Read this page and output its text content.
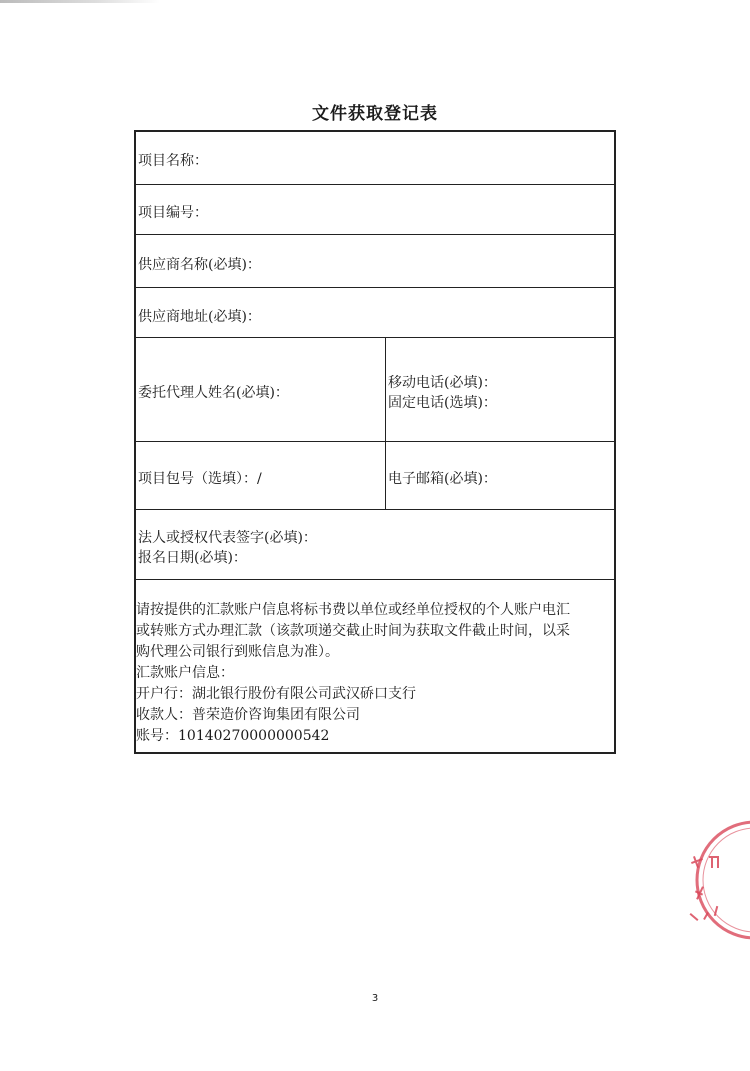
文件获取登记表
项目名称：
项目编号：
供应商名称(必填)：
供应商地址(必填)：
委托代理人姓名(必填)：
移动电话(必填)：
固定电话(选填)：
项目包号（选填）：/	电子邮箱(必填)：
法人或授权代表签字(必填)：
报名日期(必填)：
请按提供的汇款账户信息将标书费以单位或经单位授权的个人账户电汇
或转账方式办理汇款（该款项递交截止时间为获取文件截止时间，以采
购代理公司银行到账信息为准）。
汇款账户信息：
开户行：湖北银行股份有限公司武汉硚口支行
收款人：普荣造价咨询集团有限公司
账号：10140270000000542
3
